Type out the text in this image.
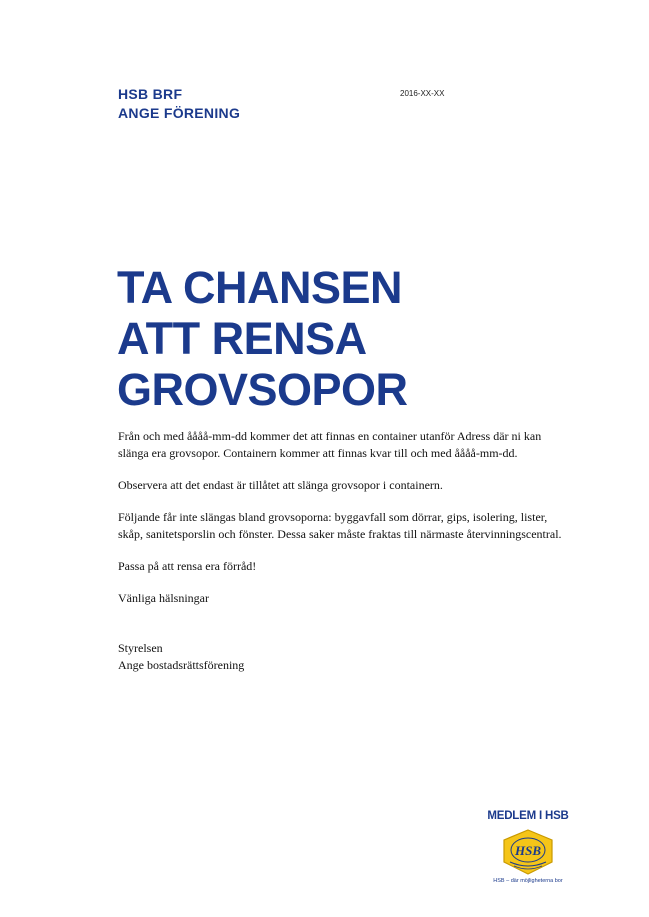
HSB BRF
ANGE FÖRENING
2016-XX-XX
TA CHANSEN
ATT RENSA
GROVSOPOR

Från och med åååå-mm-dd kommer det att finnas en container utanför Adress där ni kan slänga era grovsopor. Containern kommer att finnas kvar till och med åååå-mm-dd.

Observera att det endast är tillåtet att slänga grovsopor i containern.

Följande får inte slängas bland grovsoporna: byggavfall som dörrar, gips, isolering, lister, skåp, sanitetsporslin och fönster. Dessa saker måste fraktas till närmaste återvinningscentral.

Passa på att rensa era förråd!

Vänliga hälsningar

Styrelsen
Ange bostadsrättsförening
MEDLEM I HSB
HSB
HSB – där möjligheterna bor
